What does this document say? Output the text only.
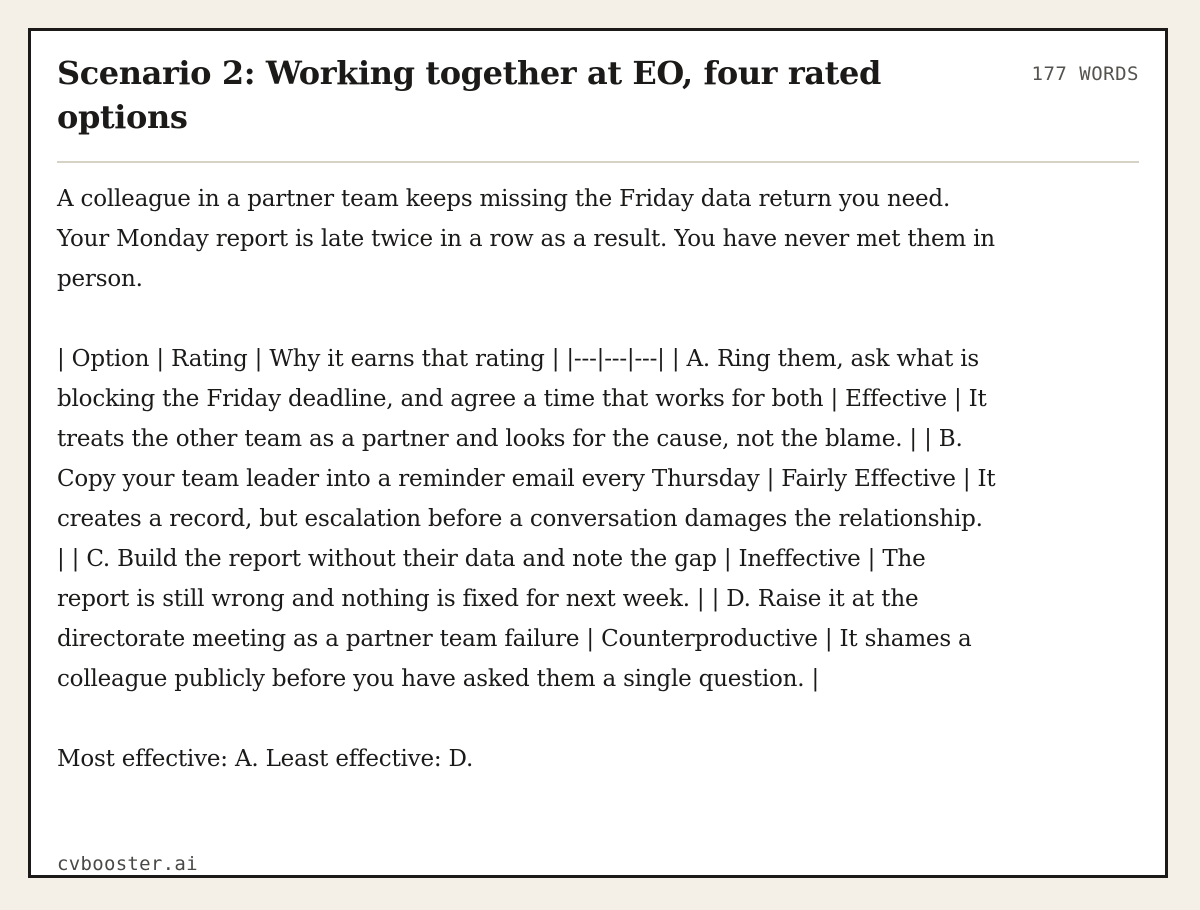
Scenario 2: Working together at EO, four rated options
177 WORDS

A colleague in a partner team keeps missing the Friday data return you need. Your Monday report is late twice in a row as a result. You have never met them in person.

| Option | Rating | Why it earns that rating | |---|---|---| | A. Ring them, ask what is blocking the Friday deadline, and agree a time that works for both | Effective | It treats the other team as a partner and looks for the cause, not the blame. | | B. Copy your team leader into a reminder email every Thursday | Fairly Effective | It creates a record, but escalation before a conversation damages the relationship. | | C. Build the report without their data and note the gap | Ineffective | The report is still wrong and nothing is fixed for next week. | | D. Raise it at the directorate meeting as a partner team failure | Counterproductive | It shames a colleague publicly before you have asked them a single question. |

Most effective: A. Least effective: D.

cvbooster.ai
